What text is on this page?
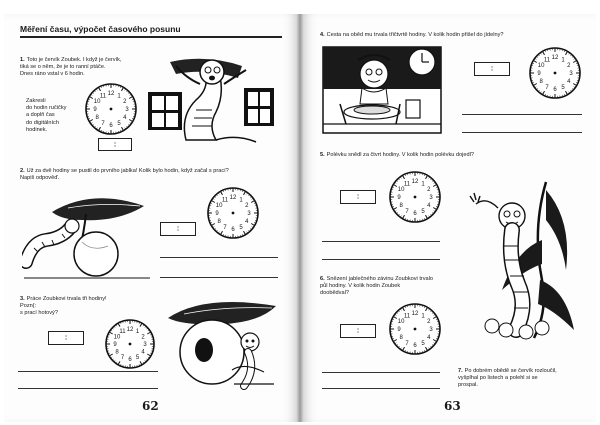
Měření času, výpočet časového posunu
1. Toto je červík Zoubek. I když je červík,
tiká se o něm, že je to ranní ptáče.
Dnes ráno vstal v 6 hodin.
Zakresli
do hodin ručičky
a doplň čas
do digitálních
hodinek.
1
2
3
4
5
6
7
8
9
10
11 12
:
2. Už za dvě hodiny se pustil do prvního jablka! Kolik bylo hodin, když začal s prací?
Napiš odpověď.
1
2
3
4
5
6
7
8
9
10
11 12
:
3. Práce Zoubkovi trvala tři hodiny!
Pozn{:
s prací hotový?
:
1
2
3
4
5
6
7
8
9
10
11 12
62
4. Cesta na oběd mu trvala třičtvrtě hodiny. V kolik hodin přišel do jídelny?
:
1
2
3
4
5
6
7
8
9
10
11 12
5. Polévku snědl za čtvrt hodiny. V kolik hodin polévku dojedl?
:
1
2
3
4
5
6
7
8
9
10
11 12
6. Snězení jablečného závinu Zoubkovi trvalo
půl hodiny. V kolik hodin Zoubek
doobědval?
:
1
2
3
4
5
6
7
8
9
10
11 12
7. Po dobrém obědě se červík rozloučil,
vyšplhal po listech a polehl si se
prospal.
63
